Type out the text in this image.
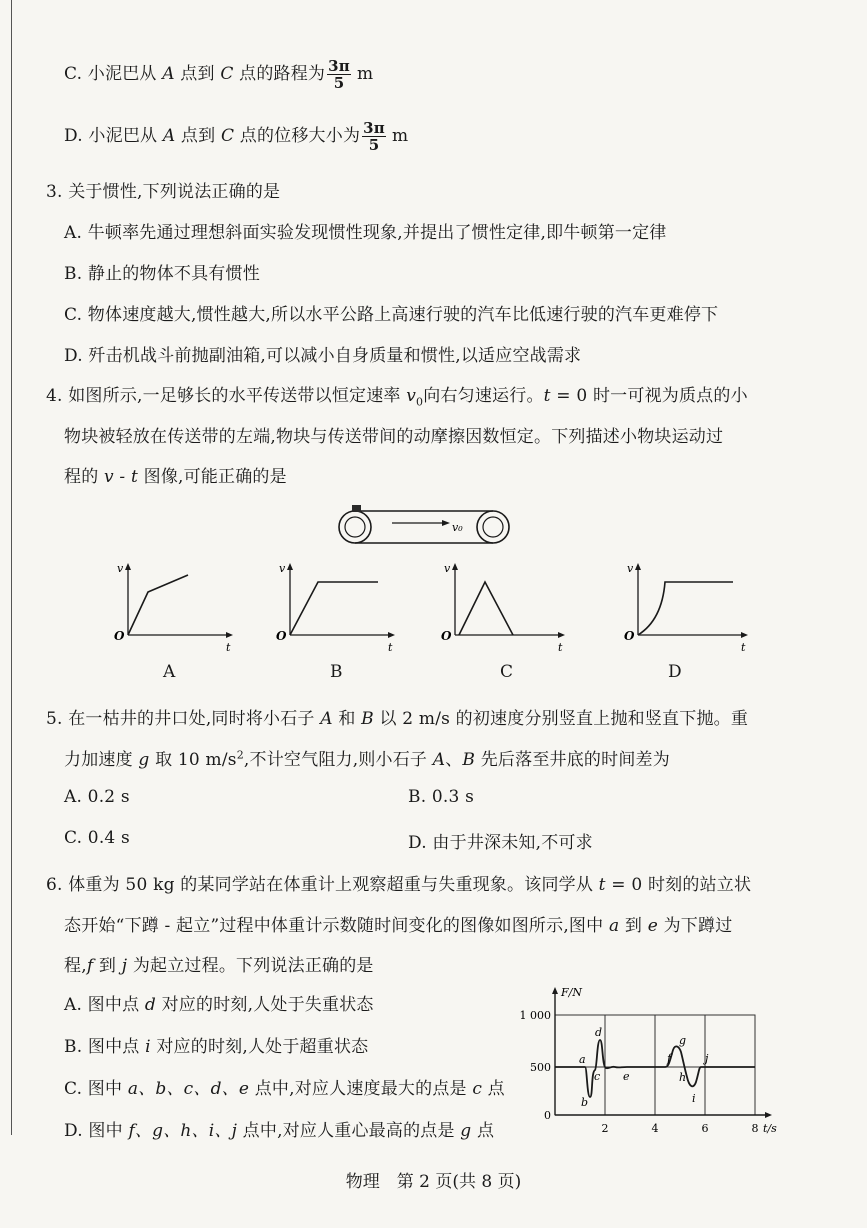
C. 小泥巴从 A 点到 C 点的路程为 $\frac{3\pi}{5}$ m
D. 小泥巴从 A 点到 C 点的位移大小为 $\frac{3\pi}{5}$ m
3. 关于惯性,下列说法正确的是
A. 牛顿率先通过理想斜面实验发现惯性现象,并提出了惯性定律,即牛顿第一定律
B. 静止的物体不具有惯性
C. 物体速度越大,惯性越大,所以水平公路上高速行驶的汽车比低速行驶的汽车更难停下
D. 歼击机战斗前抛副油箱,可以减小自身质量和惯性,以适应空战需求
4. 如图所示,一足够长的水平传送带以恒定速率 $v_0$向右匀速运行。t = 0 时一可视为质点的小
物块被轻放在传送带的左端,物块与传送带间的动摩擦因数恒定。下列描述小物块运动过
程的 v - t 图像,可能正确的是
v₀
v
t
O
v
t
O
v
t
O
v
t
O
A	B	C	D
5. 在一枯井的井口处,同时将小石子 A 和 B 以 2 m/s 的初速度分别竖直上抛和竖直下抛。重
力加速度 g 取 10 $m/s^2$,不计空气阻力,则小石子 A、B 先后落至井底的时间差为
A. 0.2 s	B. 0.3 s
C. 0.4 s	D. 由于井深未知,不可求
6. 体重为 50 kg 的某同学站在体重计上观察超重与失重现象。该同学从 t = 0 时刻的站立状
态开始“下蹲 - 起立”过程中体重计示数随时间变化的图像如图所示,图中 a 到 e 为下蹲过
程,f 到 j 为起立过程。下列说法正确的是
A. 图中点 d 对应的时刻,人处于失重状态
B. 图中点 i 对应的时刻,人处于超重状态
C. 图中 a、b、c、d、e 点中,对应人速度最大的点是 c 点
D. 图中 f、g、h、i、j 点中,对应人重心最高的点是 g 点
F/N
t/s
1 000
500
0
2	4	6	8
a
b
c
d
e
f
g
h
i
j
物理　第 2 页(共 8 页)
